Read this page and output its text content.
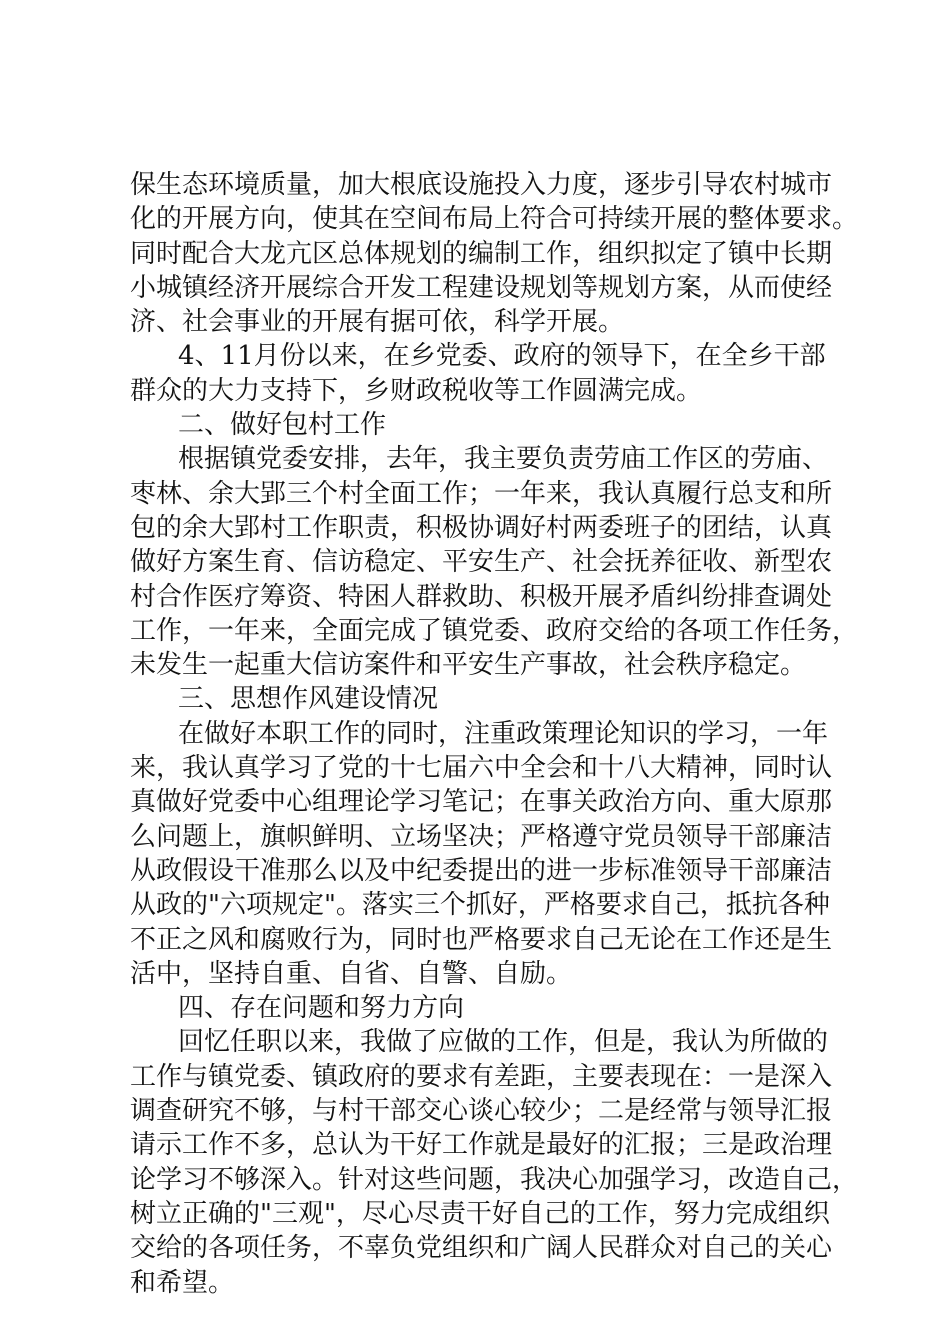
保生态环境质量，加大根底设施投入力度，逐步引导农村城市
化的开展方向，使其在空间布局上符合可持续开展的整体要求。
同时配合大龙亢区总体规划的编制工作，组织拟定了镇中长期
小城镇经济开展综合开发工程建设规划等规划方案，从而使经
济、社会事业的开展有据可依，科学开展。
4、11月份以来，在乡党委、政府的领导下，在全乡干部
群众的大力支持下，乡财政税收等工作圆满完成。
二、做好包村工作
根据镇党委安排，去年，我主要负责劳庙工作区的劳庙、
枣林、余大郢三个村全面工作；一年来，我认真履行总支和所
包的余大郢村工作职责，积极协调好村两委班子的团结，认真
做好方案生育、信访稳定、平安生产、社会抚养征收、新型农
村合作医疗筹资、特困人群救助、积极开展矛盾纠纷排查调处
工作，一年来，全面完成了镇党委、政府交给的各项工作任务，
未发生一起重大信访案件和平安生产事故，社会秩序稳定。
三、思想作风建设情况
在做好本职工作的同时，注重政策理论知识的学习，一年
来，我认真学习了党的十七届六中全会和十八大精神，同时认
真做好党委中心组理论学习笔记；在事关政治方向、重大原那
么问题上，旗帜鲜明、立场坚决；严格遵守党员领导干部廉洁
从政假设干准那么以及中纪委提出的进一步标准领导干部廉洁
从政的"六项规定"。落实三个抓好，严格要求自己，抵抗各种
不正之风和腐败行为，同时也严格要求自己无论在工作还是生
活中，坚持自重、自省、自警、自励。
四、存在问题和努力方向
回忆任职以来，我做了应做的工作，但是，我认为所做的
工作与镇党委、镇政府的要求有差距，主要表现在：一是深入
调查研究不够，与村干部交心谈心较少；二是经常与领导汇报
请示工作不多，总认为干好工作就是最好的汇报；三是政治理
论学习不够深入。针对这些问题，我决心加强学习，改造自己，
树立正确的"三观"，尽心尽责干好自己的工作，努力完成组织
交给的各项任务，不辜负党组织和广阔人民群众对自己的关心
和希望。
